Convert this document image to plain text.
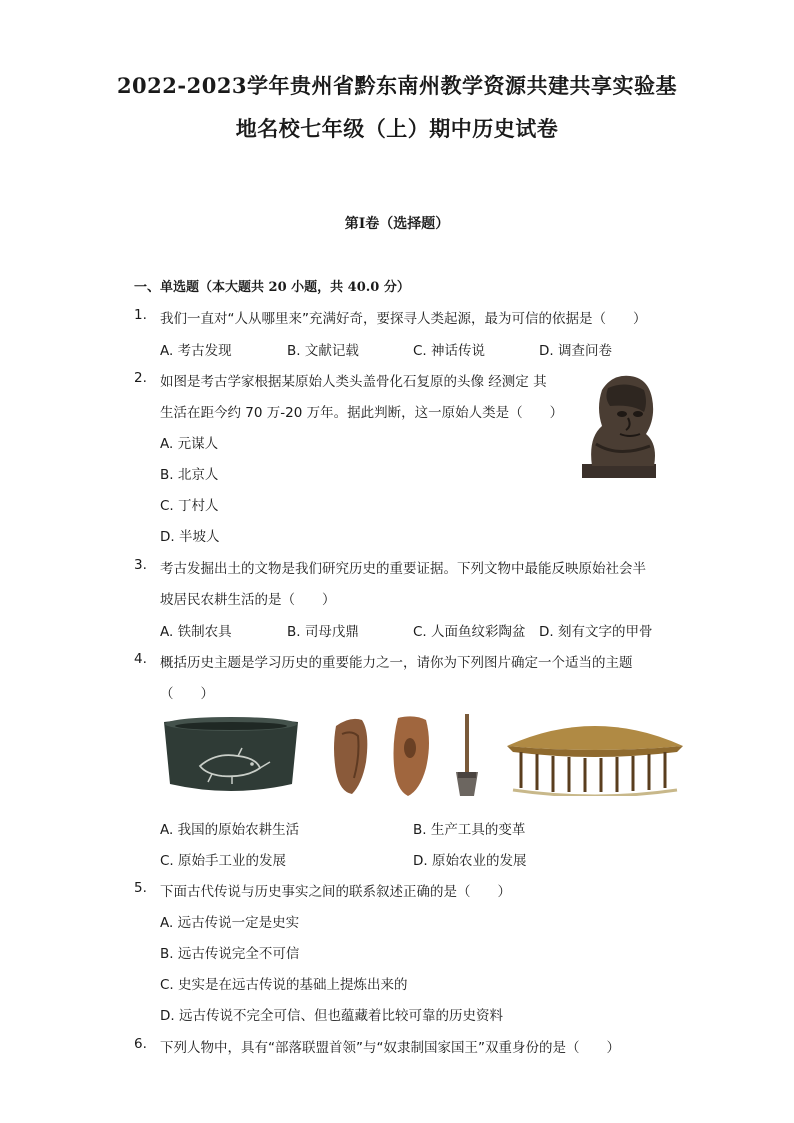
2022-2023学年贵州省黔东南州教学资源共建共享实验基
地名校七年级（上）期中历史试卷
第I卷（选择题）
一、单选题（本大题共 20 小题，共 40.0 分）
1. 我们一直对“人从哪里来”充满好奇，要探寻人类起源，最为可信的依据是（　　）
A. 考古发现	B. 文献记载	C. 神话传说	D. 调查问卷
2. 如图是考古学家根据某原始人类头盖骨化石复原的头像 经测定 其
生活在距今约 70 万-20 万年。据此判断，这一原始人类是（　　）
A. 元谋人
B. 北京人
C. 丁村人
D. 半坡人
3. 考古发掘出土的文物是我们研究历史的重要证据。下列文物中最能反映原始社会半
坡居民农耕生活的是（　　）
A. 铁制农具	B. 司母戊鼎	C. 人面鱼纹彩陶盆 D. 刻有文字的甲骨
4. 概括历史主题是学习历史的重要能力之一，请你为下列图片确定一个适当的主题
（　　）
A. 我国的原始农耕生活	B. 生产工具的变革
C. 原始手工业的发展	D. 原始农业的发展
5. 下面古代传说与历史事实之间的联系叙述正确的是（　　）
A. 远古传说一定是史实
B. 远古传说完全不可信
C. 史实是在远古传说的基础上提炼出来的
D. 远古传说不完全可信、但也蕴藏着比较可靠的历史资料
6. 下列人物中，具有“部落联盟首领”与“奴隶制国家国王”双重身份的是（　　）
